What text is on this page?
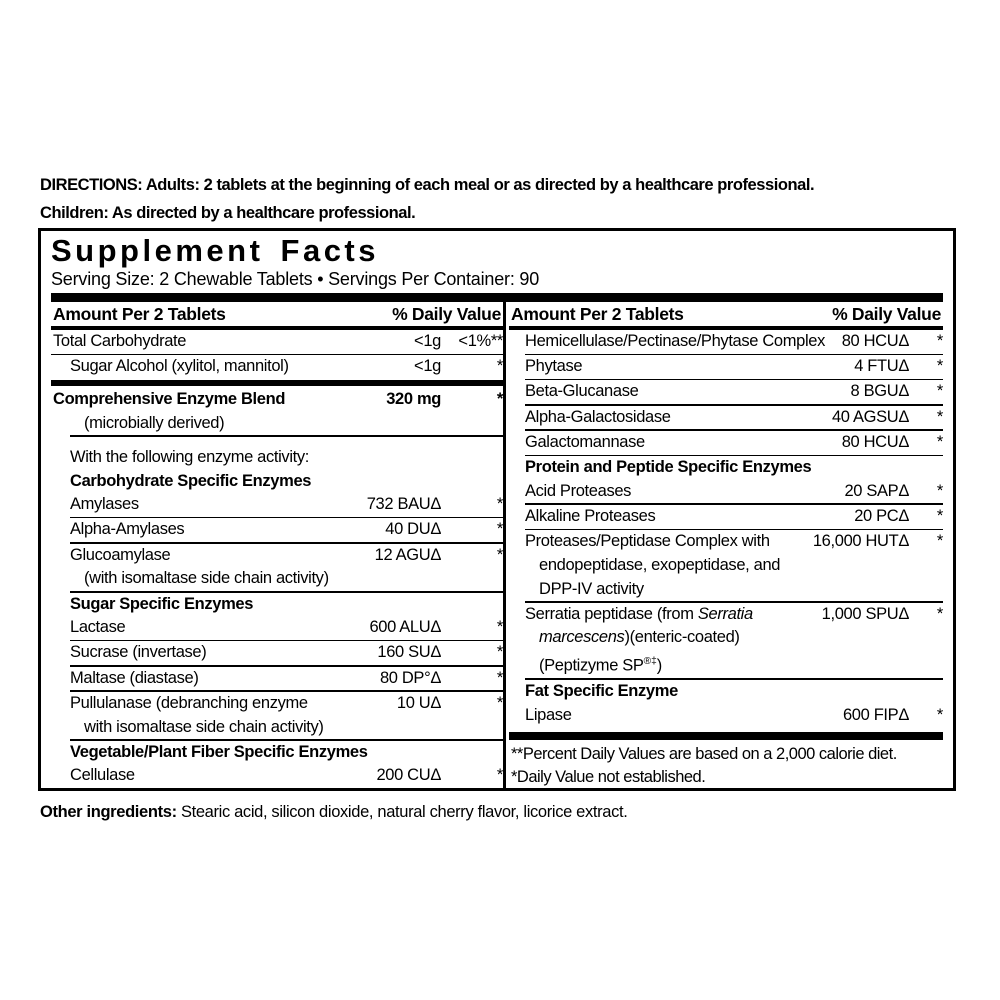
DIRECTIONS: Adults: 2 tablets at the beginning of each meal or as directed by a healthcare professional.
Children: As directed by a healthcare professional.
Supplement Facts
Serving Size: 2 Chewable Tablets • Servings Per Container: 90
Amount Per 2 Tablets	% Daily Value
Total Carbohydrate	<1g	<1%**
Sugar Alcohol (xylitol, mannitol)	<1g	*
Comprehensive Enzyme Blend	320 mg	*
(microbially derived)
With the following enzyme activity:
Carbohydrate Specific Enzymes
Amylases	732 BAUΔ	*
Alpha-Amylases	40 DUΔ	*
Glucoamylase	12 AGUΔ	*
(with isomaltase side chain activity)
Sugar Specific Enzymes
Lactase	600 ALUΔ	*
Sucrase (invertase)	160 SUΔ	*
Maltase (diastase)	80 DP°Δ	*
Pullulanase (debranching enzyme	10 UΔ	*
with isomaltase side chain activity)
Vegetable/Plant Fiber Specific Enzymes
Cellulase	200 CUΔ	*
Amount Per 2 Tablets	% Daily Value
Hemicellulase/Pectinase/Phytase Complex	80 HCUΔ	*
Phytase	4 FTUΔ	*
Beta-Glucanase	8 BGUΔ	*
Alpha-Galactosidase	40 AGSUΔ	*
Galactomannase	80 HCUΔ	*
Protein and Peptide Specific Enzymes
Acid Proteases	20 SAPΔ	*
Alkaline Proteases	20 PCΔ	*
Proteases/Peptidase Complex with	16,000 HUTΔ	*
endopeptidase, exopeptidase, and
DPP-IV activity
Serratia peptidase (from Serratia	1,000 SPUΔ	*
marcescens)(enteric-coated)
(Peptizyme SP®‡)
Fat Specific Enzyme
Lipase	600 FIPΔ	*
**Percent Daily Values are based on a 2,000 calorie diet.
*Daily Value not established.
Other ingredients: Stearic acid, silicon dioxide, natural cherry flavor, licorice extract.
